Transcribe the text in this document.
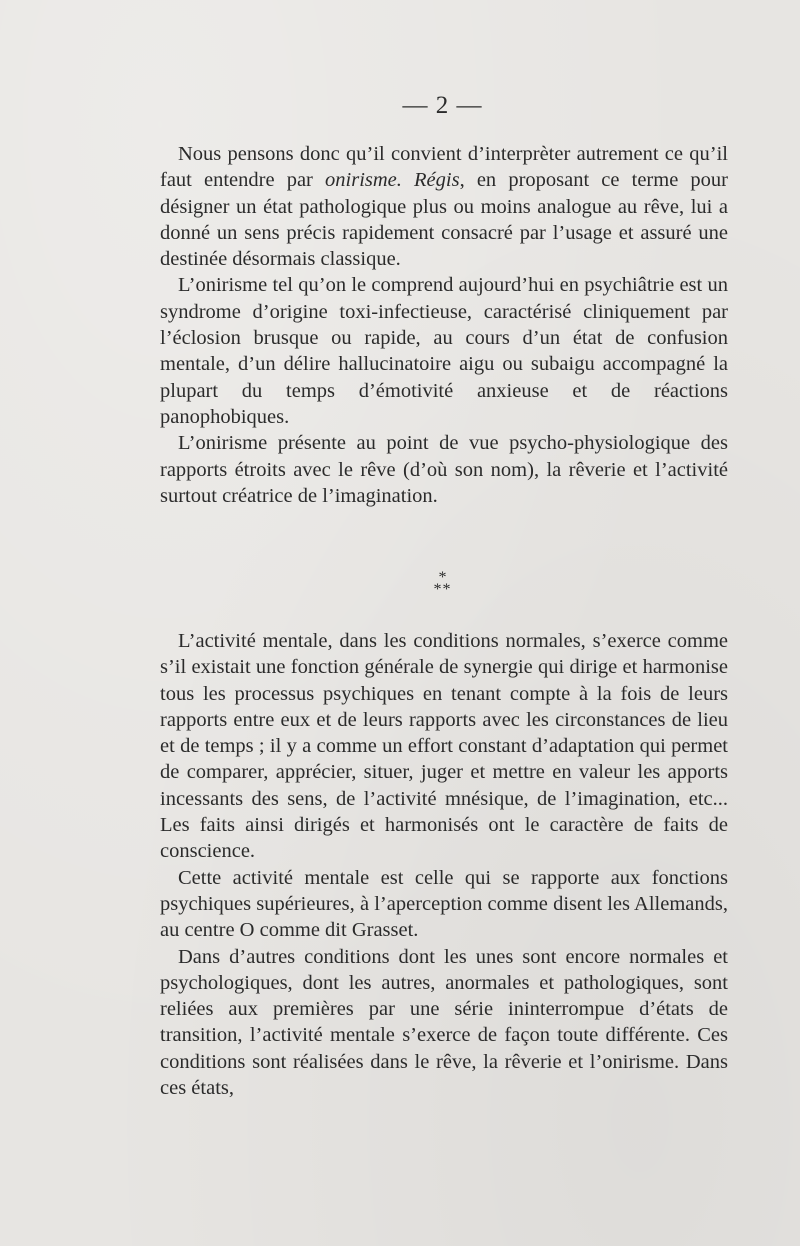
— 2 —

Nous pensons donc qu’il convient d’interprèter autrement ce qu’il faut entendre par onirisme. Régis, en proposant ce terme pour désigner un état pathologique plus ou moins analogue au rêve, lui a donné un sens précis rapidement consacré par l’usage et assuré une destinée désormais classique.

L’onirisme tel qu’on le comprend aujourd’hui en psychiâtrie est un syndrome d’origine toxi-infectieuse, caractérisé cliniquement par l’éclosion brusque ou rapide, au cours d’un état de confusion mentale, d’un délire hallucinatoire aigu ou subaigu accompagné la plupart du temps d’émotivité anxieuse et de réactions panophobiques.

L’onirisme présente au point de vue psycho-physiologique des rapports étroits avec le rêve (d’où son nom), la rêverie et l’activité surtout créatrice de l’imagination.

*
**

L’activité mentale, dans les conditions normales, s’exerce comme s’il existait une fonction générale de synergie qui dirige et harmonise tous les processus psychiques en tenant compte à la fois de leurs rapports entre eux et de leurs rapports avec les circonstances de lieu et de temps ; il y a comme un effort constant d’adaptation qui permet de comparer, apprécier, situer, juger et mettre en valeur les apports incessants des sens, de l’activité mnésique, de l’imagination, etc... Les faits ainsi dirigés et harmonisés ont le caractère de faits de conscience.

Cette activité mentale est celle qui se rapporte aux fonctions psychiques supérieures, à l’aperception comme disent les Allemands, au centre O comme dit Grasset.

Dans d’autres conditions dont les unes sont encore normales et psychologiques, dont les autres, anormales et pathologiques, sont reliées aux premières par une série ininterrompue d’états de transition, l’activité mentale s’exerce de façon toute différente. Ces conditions sont réalisées dans le rêve, la rêverie et l’onirisme. Dans ces états,
